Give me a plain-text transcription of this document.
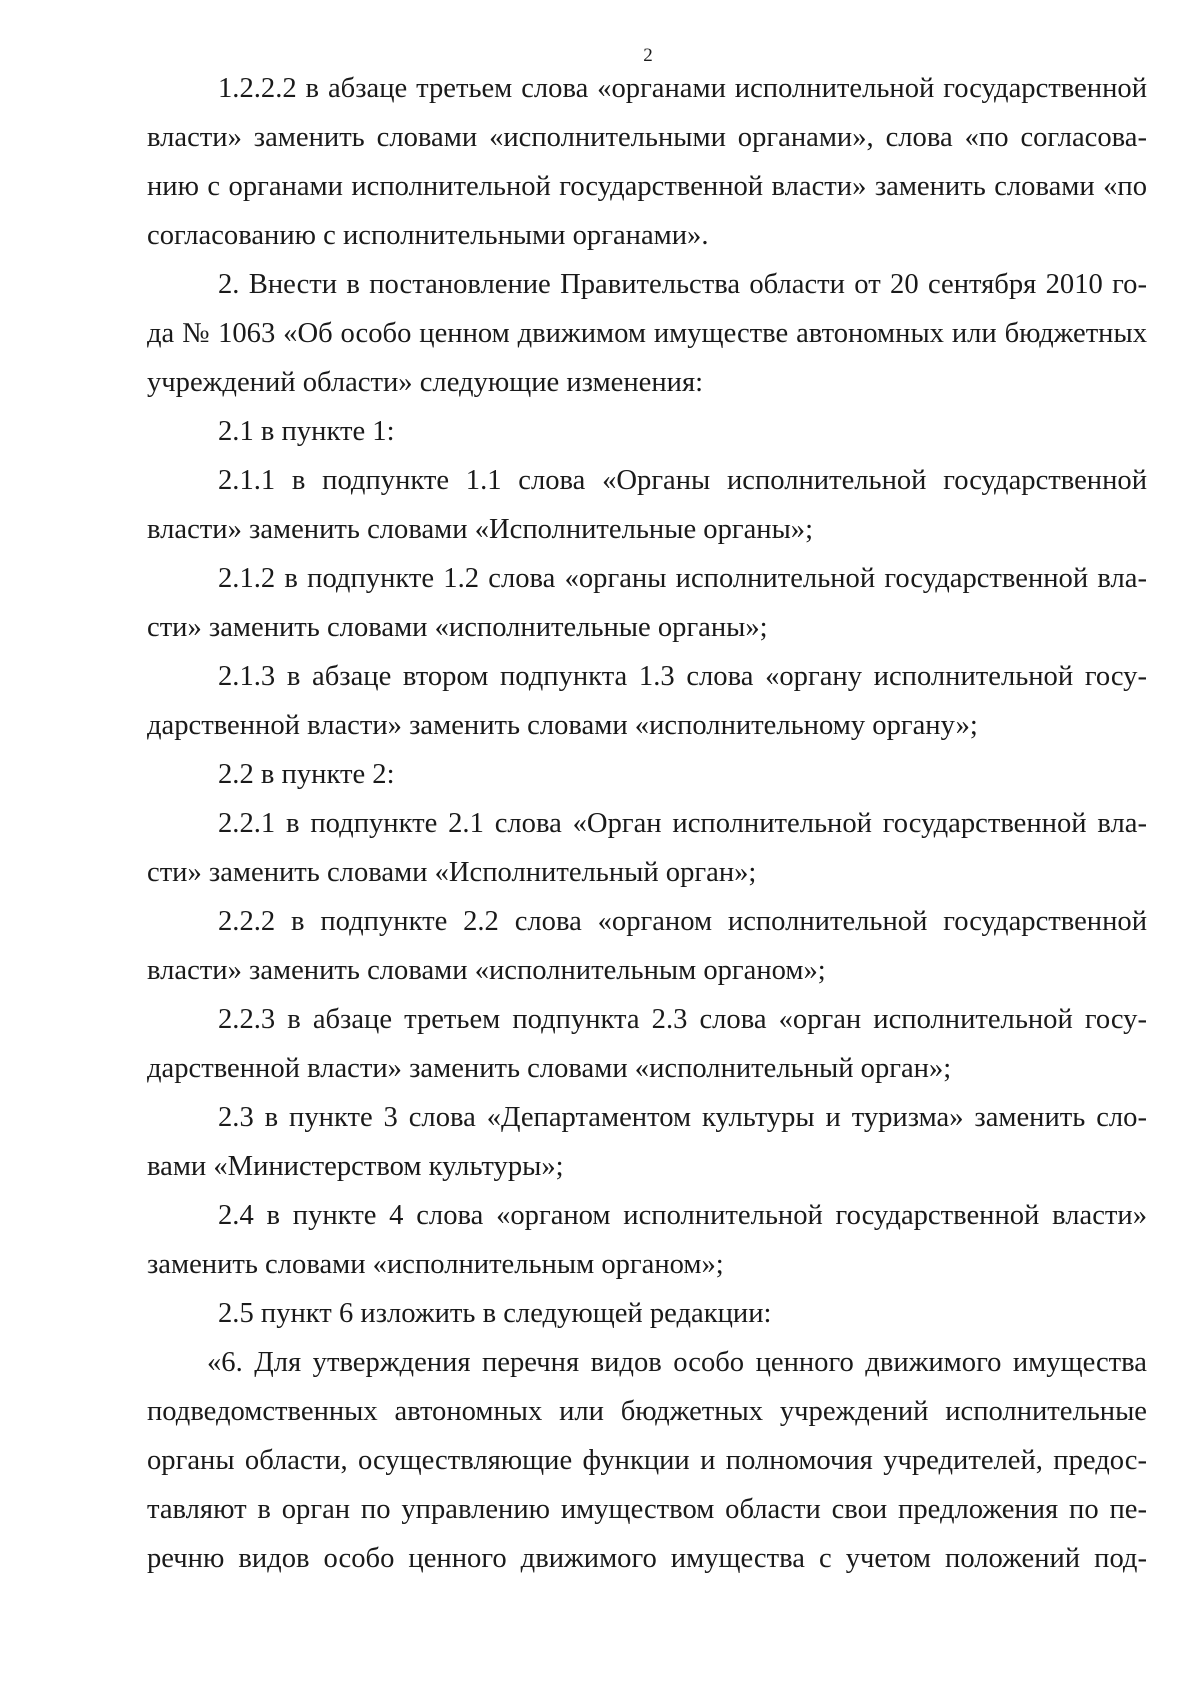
2
1.2.2.2 в абзаце третьем слова «органами исполнительной государственной
власти» заменить словами «исполнительными органами», слова «по согласова-
нию с органами исполнительной государственной власти» заменить словами «по
согласованию с исполнительными органами».
2. Внести в постановление Правительства области от 20 сентября 2010 го-
да № 1063 «Об особо ценном движимом имуществе автономных или бюджетных
учреждений области» следующие изменения:
2.1 в пункте 1:
2.1.1 в подпункте 1.1 слова «Органы исполнительной государственной
власти» заменить словами «Исполнительные органы»;
2.1.2 в подпункте 1.2 слова «органы исполнительной государственной вла-
сти» заменить словами «исполнительные органы»;
2.1.3 в абзаце втором подпункта 1.3 слова «органу исполнительной госу-
дарственной власти» заменить словами «исполнительному органу»;
2.2 в пункте 2:
2.2.1 в подпункте 2.1 слова «Орган исполнительной государственной вла-
сти» заменить словами «Исполнительный орган»;
2.2.2 в подпункте 2.2 слова «органом исполнительной государственной
власти» заменить словами «исполнительным органом»;
2.2.3 в абзаце третьем подпункта 2.3 слова «орган исполнительной госу-
дарственной власти» заменить словами «исполнительный орган»;
2.3 в пункте 3 слова «Департаментом культуры и туризма» заменить сло-
вами «Министерством культуры»;
2.4 в пункте 4 слова «органом исполнительной государственной власти»
заменить словами «исполнительным органом»;
2.5 пункт 6 изложить в следующей редакции:
«6. Для утверждения перечня видов особо ценного движимого имущества
подведомственных автономных или бюджетных учреждений исполнительные
органы области, осуществляющие функции и полномочия учредителей, предос-
тавляют в орган по управлению имуществом области свои предложения по пе-
речню видов особо ценного движимого имущества с учетом положений под-
